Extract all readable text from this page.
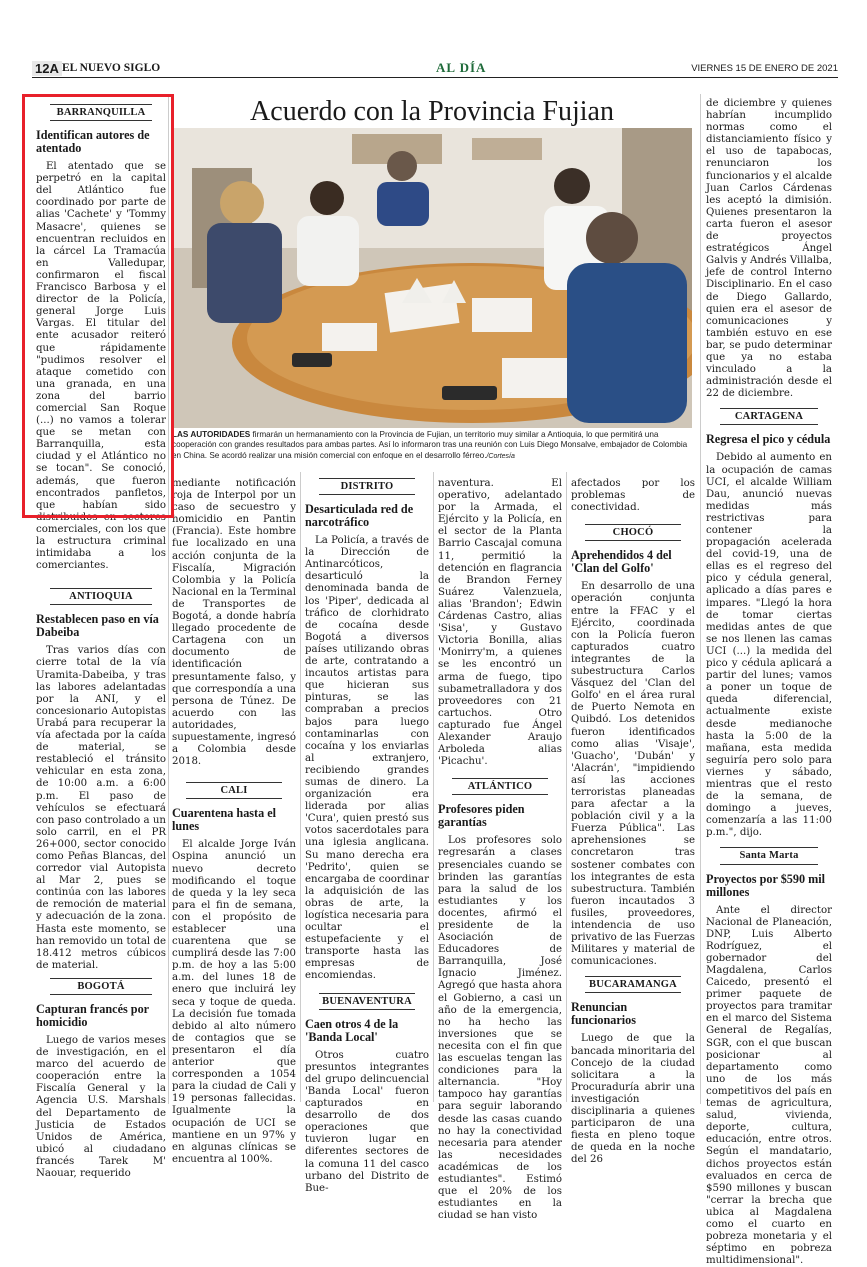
12A EL NUEVO SIGLO	AL DÍA	VIERNES 15 DE ENERO DE 2021
Acuerdo con la Provincia Fujian
LAS AUTORIDADES firmarán un hermanamiento con la Provincia de Fujian, un territorio muy similar a Antioquia, lo que permitirá una cooperación con grandes resultados para ambas partes. Así lo informaron tras una reunión con Luis Diego Monsalve, embajador de Colombia en China. Se acordó realizar una misión comercial con enfoque en el desarrollo férreo./Cortesía
BARRANQUILLA
Identifican autores de atentado

El atentado que se perpetró en la capital del Atlántico fue coordinado por parte de alias 'Cachete' y 'Tommy Masacre', quienes se encuentran recluidos en la cárcel La Tramacúa en Valledupar, confirmaron el fiscal Francisco Barbosa y el director de la Policía, general Jorge Luis Vargas. El titular del ente acusador reiteró que rápidamente "pudimos resolver el ataque cometido con una granada, en una zona del barrio comercial San Roque (...) no vamos a tolerar que se metan con Barranquilla, esta ciudad y el Atlántico no se tocan". Se conoció, además, que fueron encontrados panfletos, que habían sido distribuidos en sectores comerciales, con los que la estructura criminal intimidaba a los comerciantes.

ANTIOQUIA
Restablecen paso en vía Dabeiba

Tras varios días con cierre total de la vía Uramita-Dabeiba, y tras las labores adelantadas por la ANI, y el concesionario Autopistas Urabá para recuperar la vía afectada por la caída de material, se restableció el tránsito vehicular en esta zona, de 10:00 a.m. a 6:00 p.m. El paso de vehículos se efectuará con paso controlado a un solo carril, en el PR 26+000, sector conocido como Peñas Blancas, del corredor vial Autopista al Mar 2, pues se continúa con las labores de remoción de material y adecuación de la zona. Hasta este momento, se han removido un total de 18.412 metros cúbicos de material.

BOGOTÁ
Capturan francés por homicidio

Luego de varios meses de investigación, en el marco del acuerdo de cooperación entre la Fiscalía General y la Agencia U.S. Marshals del Departamento de Justicia de Estados Unidos de América, ubicó al ciudadano francés Tarek M' Naouar, requerido

mediante notificación roja de Interpol por un caso de secuestro y homicidio en Pantin (Francia). Este hombre fue localizado en una acción conjunta de la Fiscalía, Migración Colombia y la Policía Nacional en la Terminal de Transportes de Bogotá, a donde habría llegado procedente de Cartagena con un documento de identificación presuntamente falso, y que correspondía a una persona de Túnez. De acuerdo con las autoridades, supuestamente, ingresó a Colombia desde 2018.

CALI
Cuarentena hasta el lunes

El alcalde Jorge Iván Ospina anunció un nuevo decreto modificando el toque de queda y la ley seca para el fin de semana, con el propósito de establecer una cuarentena que se cumplirá desde las 7:00 p.m. de hoy a las 5:00 a.m. del lunes 18 de enero que incluirá ley seca y toque de queda. La decisión fue tomada debido al alto número de contagios que se presentaron el día anterior que corresponden a 1054 para la ciudad de Cali y 19 personas fallecidas. Igualmente la ocupación de UCI se mantiene en un 97% y en algunas clínicas se encuentra al 100%.

DISTRITO
Desarticulada red de narcotráfico

La Policía, a través de la Dirección de Antinarcóticos, desarticuló la denominada banda de los 'Piper', dedicada al tráfico de clorhidrato de cocaína desde Bogotá a diversos países utilizando obras de arte, contratando a incautos artistas para que hicieran sus pinturas, se las compraban a precios bajos para luego contaminarlas con cocaína y los enviarlas al extranjero, recibiendo grandes sumas de dinero. La organización era liderada por alias 'Cura', quien prestó sus votos sacerdotales para una iglesia anglicana. Su mano derecha era 'Pedrito', quien se encargaba de coordinar la adquisición de las obras de arte, la logística necesaria para ocultar el estupefaciente y el transporte hasta las empresas de encomiendas.

BUENAVENTURA
Caen otros 4 de la 'Banda Local'

Otros cuatro presuntos integrantes del grupo delincuencial 'Banda Local' fueron capturados en desarrollo de dos operaciones que tuvieron lugar en diferentes sectores de la comuna 11 del casco urbano del Distrito de Bue-

naventura. El operativo, adelantado por la Armada, el Ejército y la Policía, en el sector de la Planta Barrio Cascajal comuna 11, permitió la detención en flagrancia de Brandon Ferney Suárez Valenzuela, alias 'Brandon'; Edwin Cárdenas Castro, alias 'Sisa', y Gustavo Victoria Bonilla, alias 'Monirry'm, a quienes se les encontró un arma de fuego, tipo subametralladora y dos proveedores con 21 cartuchos. Otro capturado fue Ángel Alexander Araujo Arboleda alias 'Picachu'.

ATLÁNTICO
Profesores piden garantías

Los profesores solo regresarán a clases presenciales cuando se brinden las garantías para la salud de los estudiantes y los docentes, afirmó el presidente de la Asociación de Educadores de Barranquilla, José Ignacio Jiménez. Agregó que hasta ahora el Gobierno, a casi un año de la emergencia, no ha hecho las inversiones que se necesita con el fin que las escuelas tengan las condiciones para la alternancia. "Hoy tampoco hay garantías para seguir laborando desde las casas cuando no hay la conectividad necesaria para atender las necesidades académicas de los estudiantes". Estimó que el 20% de los estudiantes en la ciudad se han visto

afectados por los problemas de conectividad.

CHOCÓ
Aprehendidos 4 del 'Clan del Golfo'

En desarrollo de una operación conjunta entre la FFAC y el Ejército, coordinada con la Policía fueron capturados cuatro integrantes de la subestructura Carlos Vásquez del 'Clan del Golfo' en el área rural de Puerto Nemota en Quibdó. Los detenidos fueron identificados como alias 'Visaje', 'Guacho', 'Dubán' y 'Alacrán', "impidiendo así las acciones terroristas planeadas para afectar a la población civil y a la Fuerza Pública". Las aprehensiones se concretaron tras sostener combates con los integrantes de esta subestructura. También fueron incautados 3 fusiles, proveedores, intendencia de uso privativo de las Fuerzas Militares y material de comunicaciones.

BUCARAMANGA
Renuncian funcionarios

Luego de que la bancada minoritaria del Concejo de la ciudad solicitara a la Procuraduría abrir una investigación disciplinaria a quienes participaron de una fiesta en pleno toque de queda en la noche del 26

de diciembre y quienes habrían incumplido normas como el distanciamiento físico y el uso de tapabocas, renunciaron los funcionarios y el alcalde Juan Carlos Cárdenas les aceptó la dimisión. Quienes presentaron la carta fueron el asesor de proyectos estratégicos Ángel Galvis y Andrés Villalba, jefe de control Interno Disciplinario. En el caso de Diego Gallardo, quien era el asesor de comunicaciones y también estuvo en ese bar, se pudo determinar que ya no estaba vinculado a la administración desde el 22 de diciembre.

CARTAGENA
Regresa el pico y cédula

Debido al aumento en la ocupación de camas UCI, el alcalde William Dau, anunció nuevas medidas más restrictivas para contener la propagación acelerada del covid-19, una de ellas es el regreso del pico y cédula general, aplicado a días pares e impares. "Llegó la hora de tomar ciertas medidas antes de que se nos llenen las camas UCI (...) la medida del pico y cédula aplicará a partir del lunes; vamos a poner un toque de queda diferencial, actualmente existe desde medianoche hasta la 5:00 de la mañana, esta medida seguiría pero solo para viernes y sábado, mientras que el resto de la semana, de domingo a jueves, comenzaría a las 11:00 p.m.", dijo.

Santa Marta
Proyectos por $590 mil millones

Ante el director Nacional de Planeación, DNP, Luis Alberto Rodríguez, el gobernador del Magdalena, Carlos Caicedo, presentó el primer paquete de proyectos para tramitar en el marco del Sistema General de Regalías, SGR, con el que buscan posicionar al departamento como uno de los más competitivos del país en temas de agricultura, salud, vivienda, deporte, cultura, educación, entre otros. Según el mandatario, dichos proyectos están evaluados en cerca de $590 millones y buscan "cerrar la brecha que ubica al Magdalena como el cuarto en pobreza monetaria y el séptimo en pobreza multidimensional".
